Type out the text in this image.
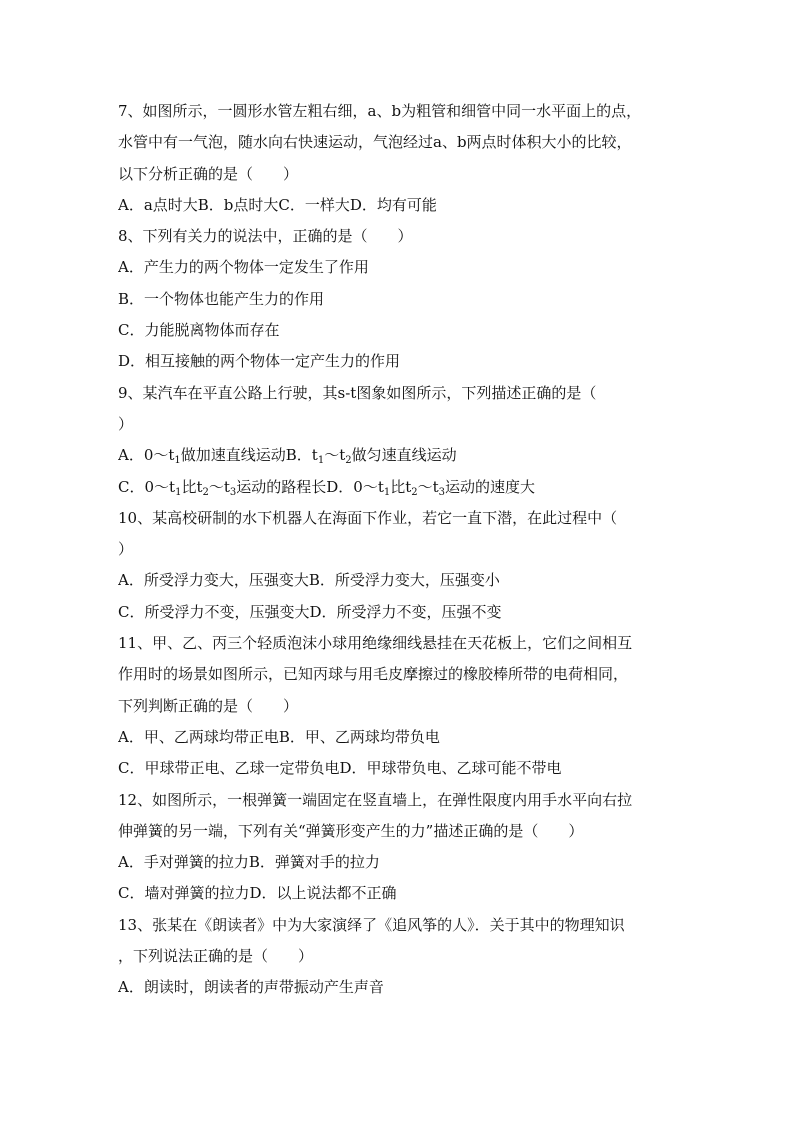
7、如图所示，一圆形水管左粗右细，a、b为粗管和细管中同一水平面上的点，
水管中有一气泡，随水向右快速运动，气泡经过a、b两点时体积大小的比较，
以下分析正确的是（　　）
A．a点时大B．b点时大C．一样大D．均有可能
8、下列有关力的说法中，正确的是（　　）
A．产生力的两个物体一定发生了作用
B．一个物体也能产生力的作用
C．力能脱离物体而存在
D．相互接触的两个物体一定产生力的作用
9、某汽车在平直公路上行驶，其s-t图象如图所示，下列描述正确的是（
）
A．$0\sim t_1$做加速直线运动B．$t_1\sim t_2$做匀速直线运动
C．$0\sim t_1$比$t_2\sim t_3$运动的路程长D．$0\sim t_1$比$t_2\sim t_3$运动的速度大
10、某高校研制的水下机器人在海面下作业，若它一直下潜，在此过程中（
）
A．所受浮力变大，压强变大B．所受浮力变大，压强变小
C．所受浮力不变，压强变大D．所受浮力不变，压强不变
11、甲、乙、丙三个轻质泡沫小球用绝缘细线悬挂在天花板上，它们之间相互
作用时的场景如图所示，已知丙球与用毛皮摩擦过的橡胶棒所带的电荷相同，
下列判断正确的是（　　）
A．甲、乙两球均带正电B．甲、乙两球均带负电
C．甲球带正电、乙球一定带负电D．甲球带负电、乙球可能不带电
12、如图所示，一根弹簧一端固定在竖直墙上，在弹性限度内用手水平向右拉
伸弹簧的另一端，下列有关“弹簧形变产生的力”描述正确的是（　　）
A．手对弹簧的拉力B．弹簧对手的拉力
C．墙对弹簧的拉力D．以上说法都不正确
13、张某在《朗读者》中为大家演绎了《追风筝的人》．关于其中的物理知识
，下列说法正确的是（　　）
A．朗读时，朗读者的声带振动产生声音
